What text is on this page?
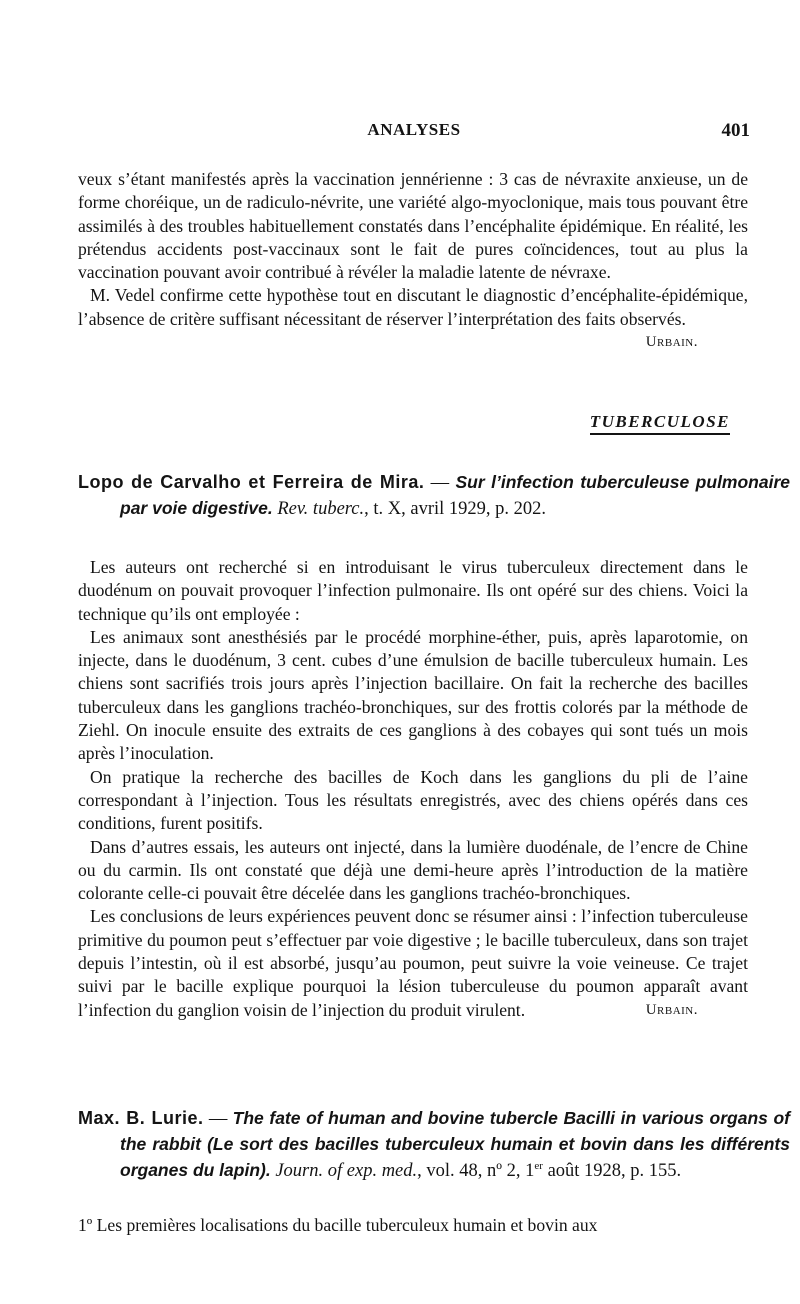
ANALYSES	401

veux s’étant manifestés après la vaccination jennérienne : 3 cas de névraxite anxieuse, un de forme chοréique, un de radiculo-névrite, une variété algo-myoclonique, mais tous pouvant être assimilés à des troubles habituellement constatés dans l’encéphalite épidémique. En réalité, les prétendus accidents post-vaccinaux sont le fait de pures coïncidences, tout au plus la vaccination pouvant avoir contribué à révéler la maladie latente de névraxe.

M. Vedel confirme cette hypothèse tout en discutant le diagnostic d’encéphalite-épidémique, l’absence de critère suffisant nécessitant de réserver l’interprétation des faits observés.
Urbain.

TUBERCULOSE
Lopo de Carvalho et Ferreira de Mira. — Sur l’infection tuberculeuse pulmonaire par voie digestive. Rev. tuberc., t. X, avril 1929, p. 202.

Les auteurs ont recherché si en introduisant le virus tuberculeux directement dans le duodénum on pouvait provoquer l’infection pulmonaire. Ils ont opéré sur des chiens. Voici la technique qu’ils ont employée :

Les animaux sont anesthésiés par le procédé morphine-éther, puis, après laparotomie, on injecte, dans le duodénum, 3 cent. cubes d’une émulsion de bacille tuberculeux humain. Les chiens sont sacrifiés trois jours après l’injection bacillaire. On fait la recherche des bacilles tuberculeux dans les ganglions trachéo-bronchiques, sur des frottis colorés par la méthode de Ziehl. On inocule ensuite des extraits de ces ganglions à des cobayes qui sont tués un mois après l’inoculation.

On pratique la recherche des bacilles de Koch dans les ganglions du pli de l’aine correspondant à l’injection. Tous les résultats enregistrés, avec des chiens opérés dans ces conditions, furent positifs.

Dans d’autres essais, les auteurs ont injecté, dans la lumière duodénale, de l’encre de Chine ou du carmin. Ils ont constaté que déjà une demi-heure après l’introduction de la matière colorante celle-ci pouvait être décelée dans les ganglions trachéo-bronchiques.

Les conclusions de leurs expériences peuvent donc se résumer ainsi : l’infection tuberculeuse primitive du poumon peut s’effectuer par voie digestive ; le bacille tuberculeux, dans son trajet depuis l’intestin, où il est absorbé, jusqu’au poumon, peut suivre la voie veineuse. Ce trajet suivi par le bacille explique pourquoi la lésion tuberculeuse du poumon apparaît avant l’infection du ganglion voisin de l’injection du produit virulent.	Urbain.

Max. B. Lurie. — The fate of human and bovine tubercle Bacilli in various organs of the rabbit (Le sort des bacilles tuberculeux humain et bovin dans les différents organes du lapin). Journ. of exp. med., vol. 48, nº 2, 1er août 1928, p. 155.

1º Les premières localisations du bacille tuberculeux humain et bovin aux
